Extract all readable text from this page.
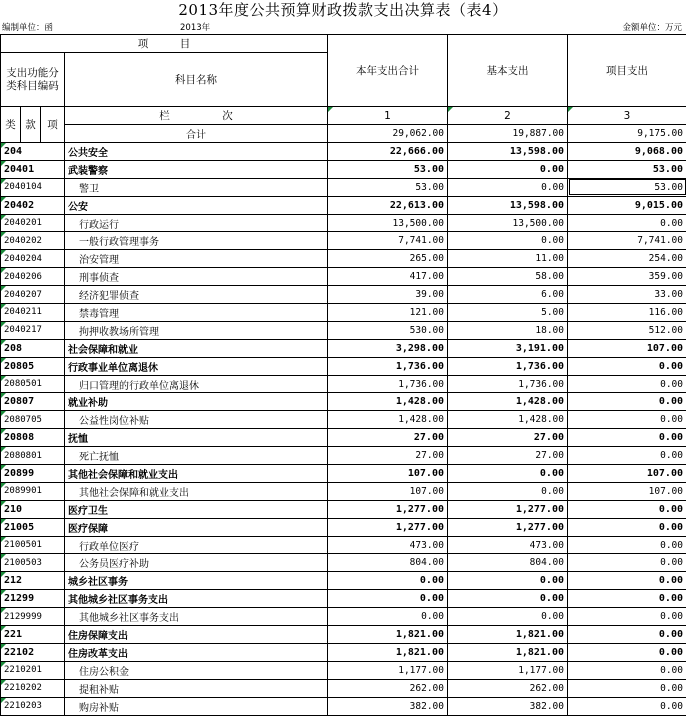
2013年度公共预算财政拨款支出决算表（表4）
编制单位：函	2013年	金额单位：万元
项　　　目				本年支出合计	基本支出	项目支出
支出功能分类科目编码			科目名称			
类	款	项	栏　　　　　次	1	2	3
			合计	29,062.00	19,887.00	9,175.00
204			公共安全	22,666.00	13,598.00	9,068.00
20401			武装警察	53.00	0.00	53.00
2040104			警卫	53.00	0.00	53.00
20402			公安	22,613.00	13,598.00	9,015.00
2040201			行政运行	13,500.00	13,500.00	0.00
2040202			一般行政管理事务	7,741.00	0.00	7,741.00
2040204			治安管理	265.00	11.00	254.00
2040206			刑事侦查	417.00	58.00	359.00
2040207			经济犯罪侦查	39.00	6.00	33.00
2040211			禁毒管理	121.00	5.00	116.00
2040217			拘押收教场所管理	530.00	18.00	512.00
208			社会保障和就业	3,298.00	3,191.00	107.00
20805			行政事业单位离退休	1,736.00	1,736.00	0.00
2080501			归口管理的行政单位离退休	1,736.00	1,736.00	0.00
20807			就业补助	1,428.00	1,428.00	0.00
2080705			公益性岗位补贴	1,428.00	1,428.00	0.00
20808			抚恤	27.00	27.00	0.00
2080801			死亡抚恤	27.00	27.00	0.00
20899			其他社会保障和就业支出	107.00	0.00	107.00
2089901			其他社会保障和就业支出	107.00	0.00	107.00
210			医疗卫生	1,277.00	1,277.00	0.00
21005			医疗保障	1,277.00	1,277.00	0.00
2100501			行政单位医疗	473.00	473.00	0.00
2100503			公务员医疗补助	804.00	804.00	0.00
212			城乡社区事务	0.00	0.00	0.00
21299			其他城乡社区事务支出	0.00	0.00	0.00
2129999			其他城乡社区事务支出	0.00	0.00	0.00
221			住房保障支出	1,821.00	1,821.00	0.00
22102			住房改革支出	1,821.00	1,821.00	0.00
2210201			住房公积金	1,177.00	1,177.00	0.00
2210202			提租补贴	262.00	262.00	0.00
2210203			购房补贴	382.00	382.00	0.00
